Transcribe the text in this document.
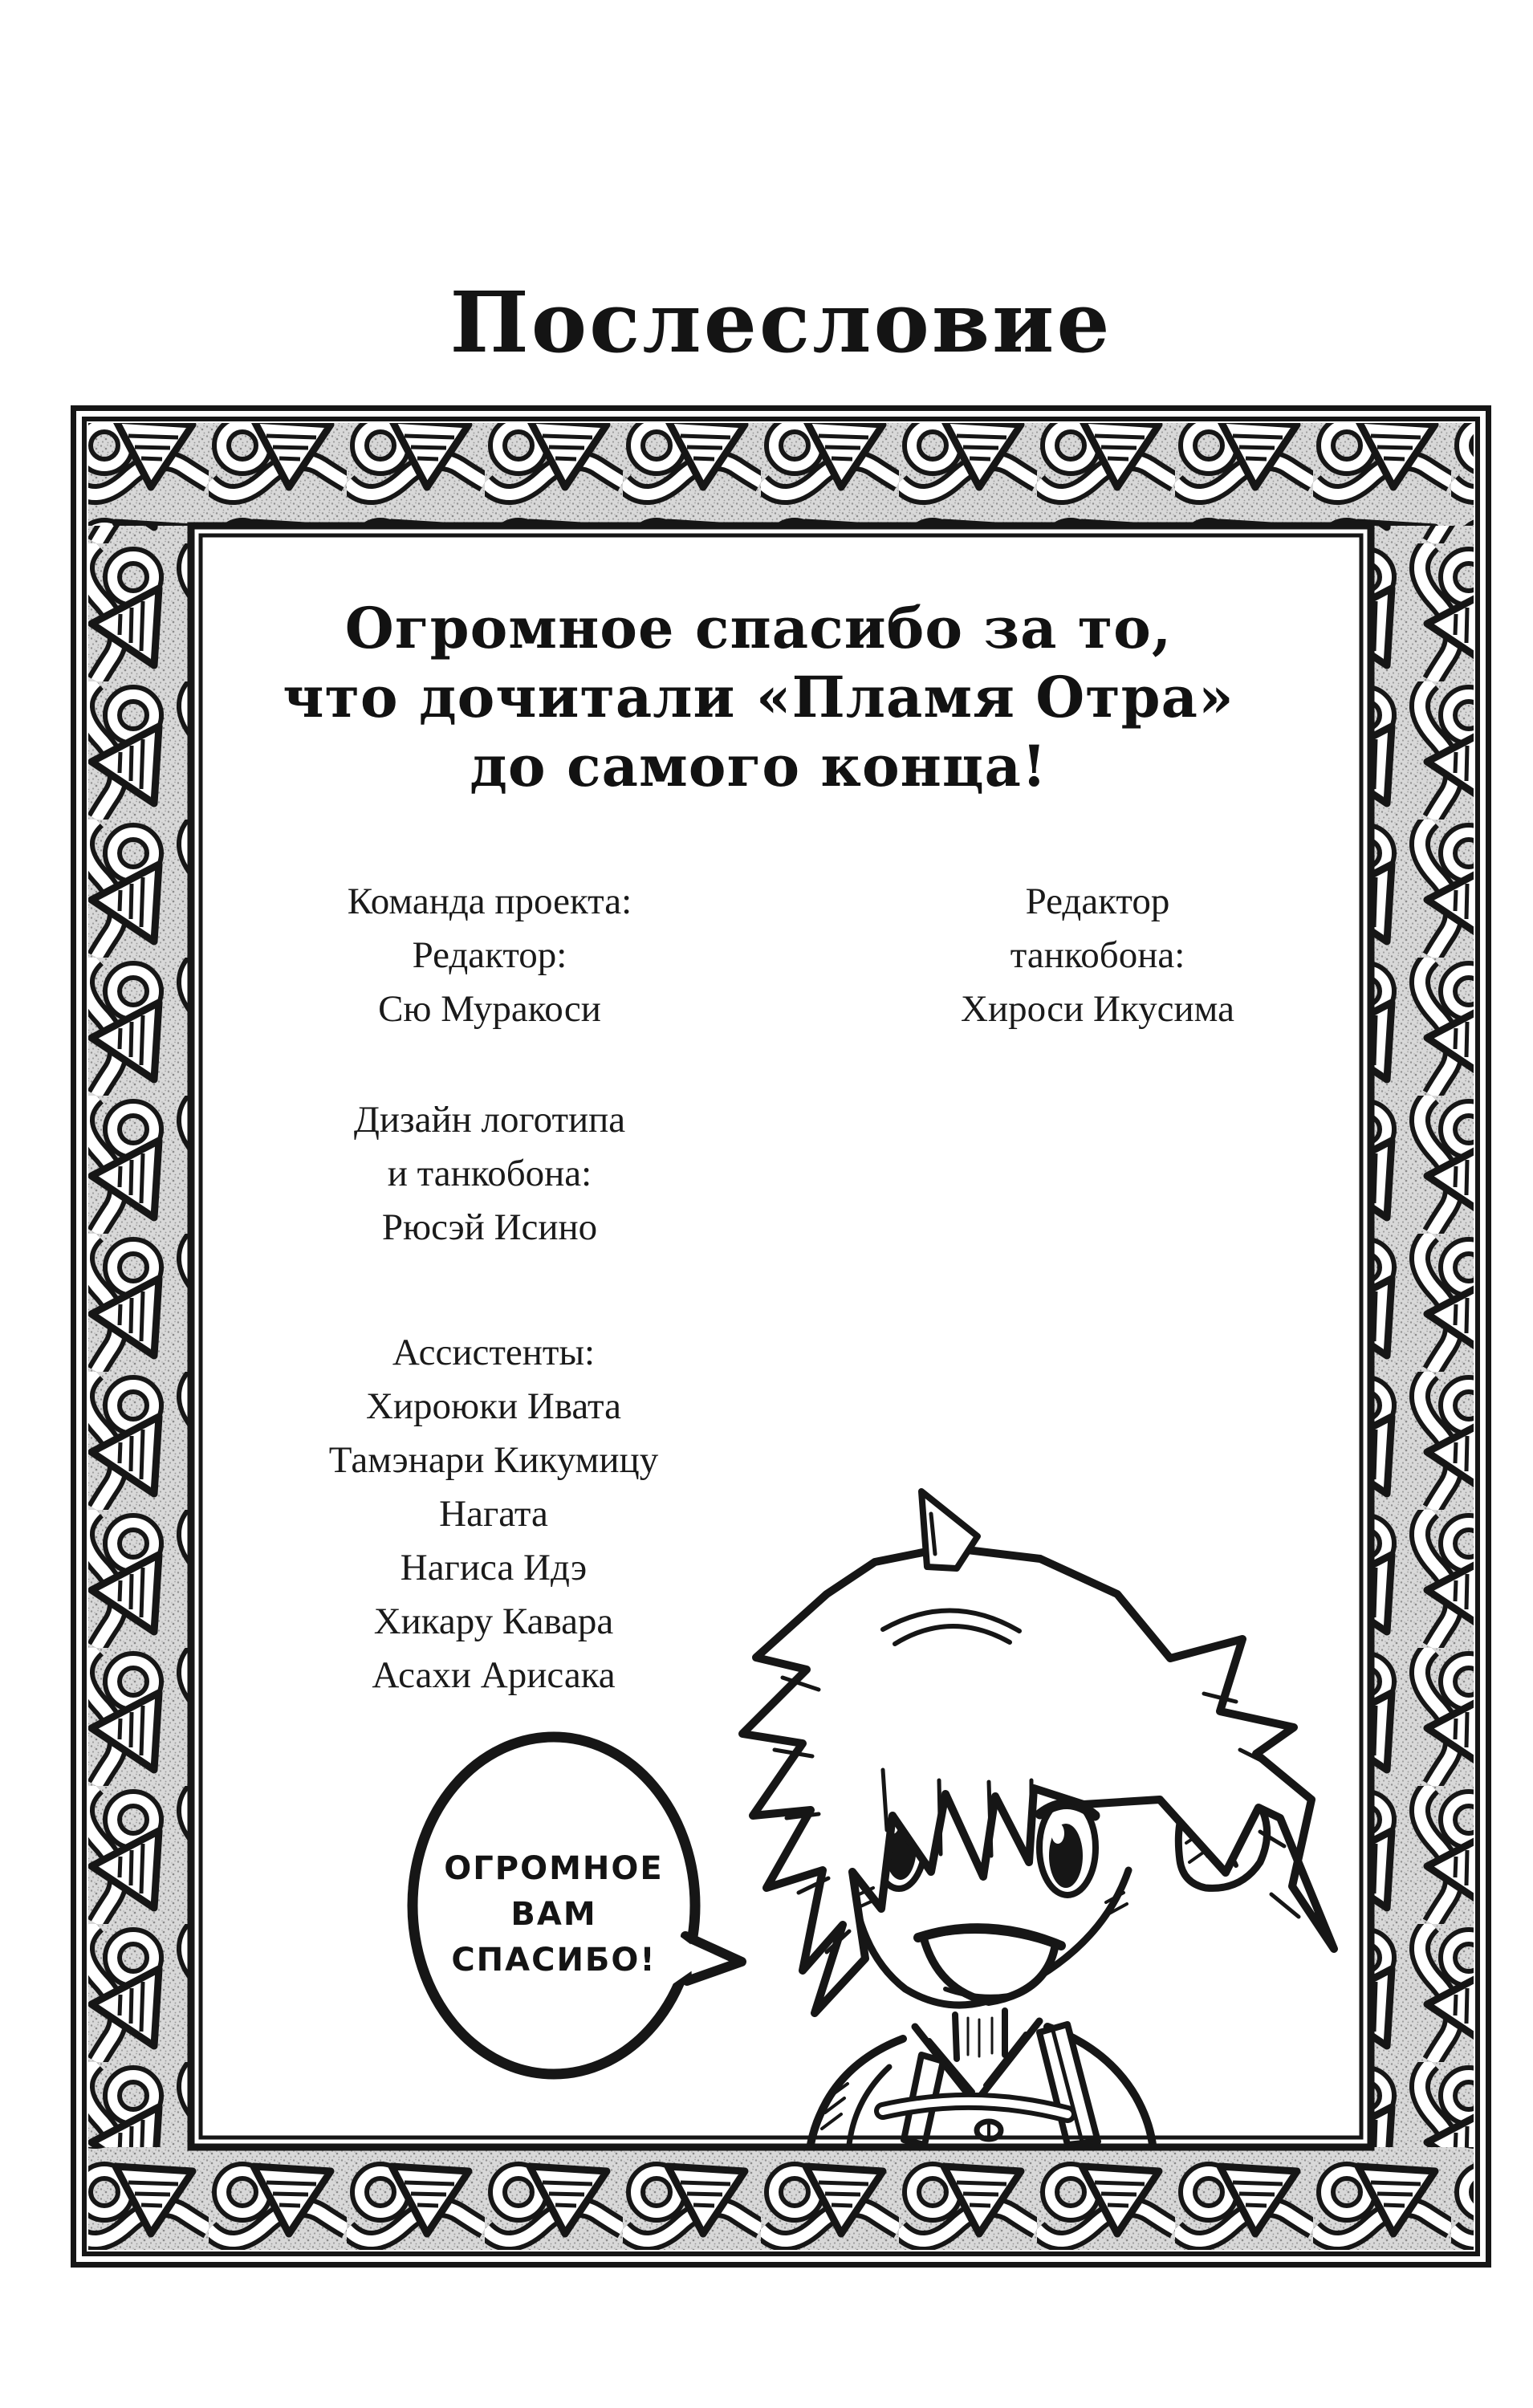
Послесловие
Огромное спасибо за то,
что дочитали «Пламя Отра»
до самого конца!
Команда проекта:
Редактор:
Сю Муракоси
Редактор
танкобона:
Хироси Икусима
Дизайн логотипа
и танкобона:
Рюсэй Исино
Ассистенты:
Хироюки Ивата
Тамэнари Кикумицу
Нагата
Нагиса Идэ
Хикару Кавара
Асахи Арисака
ОГРОМНОЕ
ВАМ
СПАСИБО!
